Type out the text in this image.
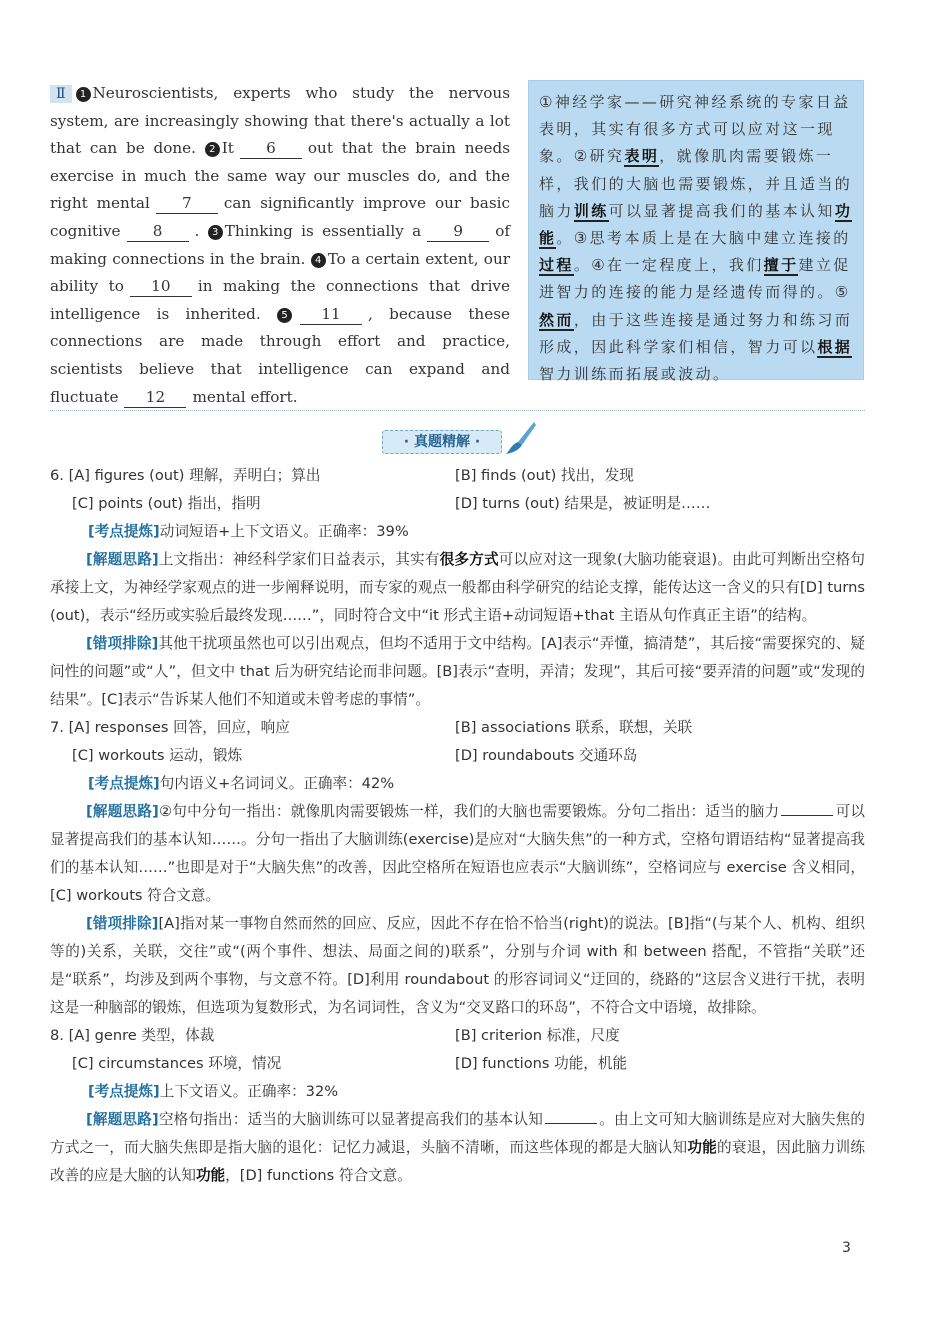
Ⅱ 1 Neuroscientists, experts who study the nervous system, are increasingly showing that there's actually a lot that can be done. 2 It 6 out that the brain needs exercise in much the same way our muscles do, and the right mental 7 can significantly improve our basic cognitive 8 . 3 Thinking is essentially a 9 of making connections in the brain. 4 To a certain extent, our ability to 10 in making the connections that drive intelligence is inherited. 5 11 , because these connections are made through effort and practice, scientists believe that intelligence can expand and fluctuate 12 mental effort.
①神经学家——研究神经系统的专家日益表明，其实有很多方式可以应对这一现象。②研究表明，就像肌肉需要锻炼一样，我们的大脑也需要锻炼，并且适当的脑力训练可以显著提高我们的基本认知功能。③思考本质上是在大脑中建立连接的过程。④在一定程度上，我们擅于建立促进智力的连接的能力是经遗传而得的。⑤然而，由于这些连接是通过努力和练习而形成，因此科学家们相信，智力可以根据智力训练而拓展或波动。
· 真题精解 ·
6. [A] figures (out) 理解，弄明白；算出	[B] finds (out) 找出，发现
[C] points (out) 指出，指明	[D] turns (out) 结果是，被证明是……

[考点提炼]动词短语+上下文语义。正确率：39%

[解题思路]上文指出：神经科学家们日益表示，其实有很多方式可以应对这一现象(大脑功能衰退)。由此可判断出空格句承接上文，为神经学家观点的进一步阐释说明，而专家的观点一般都由科学研究的结论支撑，能传达这一含义的只有[D] turns (out)，表示“经历或实验后最终发现……”，同时符合文中“it 形式主语+动词短语+that 主语从句作真正主语”的结构。

[错项排除]其他干扰项虽然也可以引出观点，但均不适用于文中结构。[A]表示“弄懂，搞清楚”，其后接“需要探究的、疑问性的问题”或“人”，但文中 that 后为研究结论而非问题。[B]表示“查明，弄清；发现”，其后可接“要弄清的问题”或“发现的结果”。[C]表示“告诉某人他们不知道或未曾考虑的事情”。

7. [A] responses 回答，回应，响应	[B] associations 联系，联想，关联
[C] workouts 运动，锻炼	[D] roundabouts 交通环岛

[考点提炼]句内语义+名词词义。正确率：42%

[解题思路]②句中分句一指出：就像肌肉需要锻炼一样，我们的大脑也需要锻炼。分句二指出：适当的脑力	可以显著提高我们的基本认知……。分句一指出了大脑训练(exercise)是应对“大脑失焦”的一种方式，空格句谓语结构“显著提高我们的基本认知……”也即是对于“大脑失焦”的改善，因此空格所在短语也应表示“大脑训练”，空格词应与 exercise 含义相同，[C] workouts 符合文意。

[错项排除][A]指对某一事物自然而然的回应、反应，因此不存在恰不恰当(right)的说法。[B]指“(与某个人、机构、组织等的)关系，关联，交往”或“(两个事件、想法、局面之间的)联系”，分别与介词 with 和 between 搭配，不管指“关联”还是“联系”，均涉及到两个事物，与文意不符。[D]利用 roundabout 的形容词词义“迂回的，绕路的”这层含义进行干扰，表明这是一种脑部的锻炼，但选项为复数形式，为名词词性，含义为“交叉路口的环岛”，不符合文中语境，故排除。

8. [A] genre 类型，体裁	[B] criterion 标准，尺度
[C] circumstances 环境，情况	[D] functions 功能，机能

[考点提炼]上下文语义。正确率：32%

[解题思路]空格句指出：适当的大脑训练可以显著提高我们的基本认知	。由上文可知大脑训练是应对大脑失焦的方式之一，而大脑失焦即是指大脑的退化：记忆力减退，头脑不清晰，而这些体现的都是大脑认知功能的衰退，因此脑力训练改善的应是大脑的认知功能，[D] functions 符合文意。

3
